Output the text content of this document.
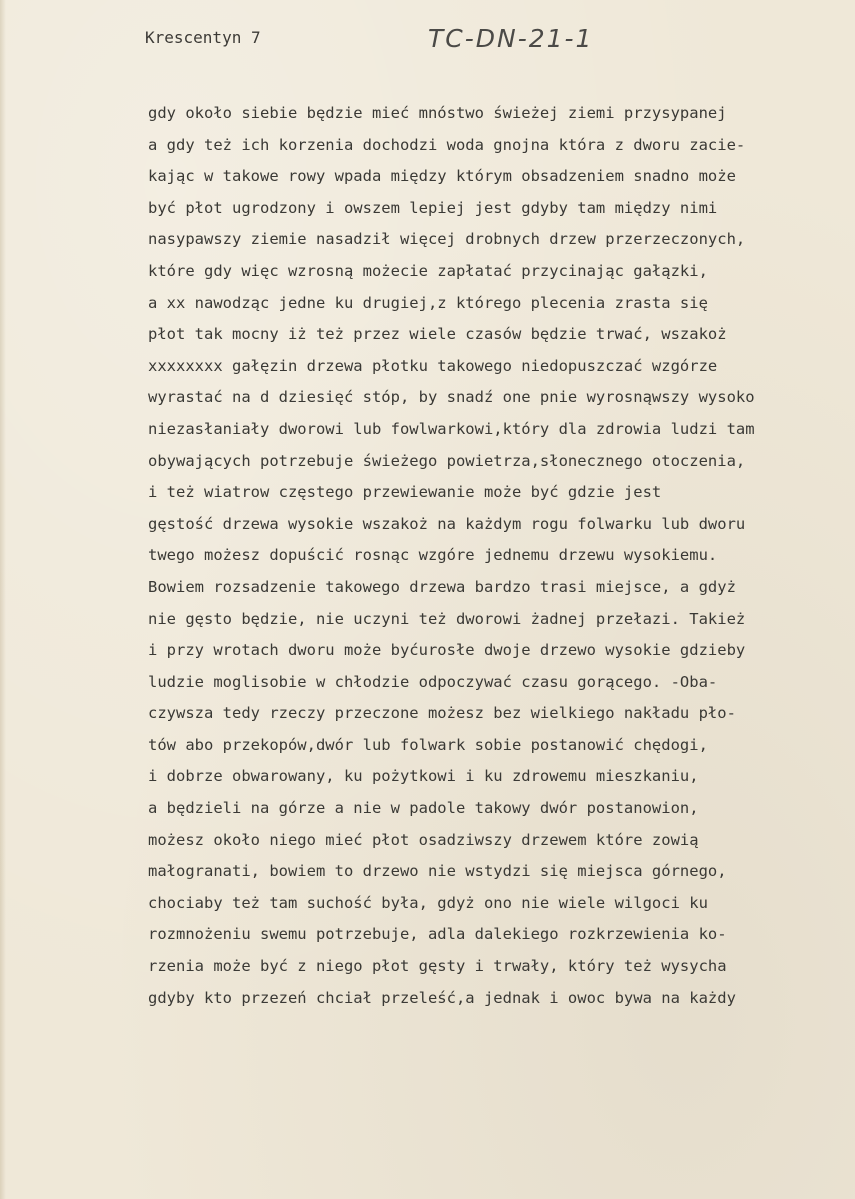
Krescentyn 7	TC-DN-21-1
gdy około siebie będzie mieć mnóstwo świeżej ziemi przysypanej
a gdy też ich korzenia dochodzi woda gnojna która z dworu zacie-
kając w takowe rowy wpada między którym obsadzeniem snadno może
być płot ugrodzony i owszem lepiej jest gdyby tam między nimi
nasypawszy ziemie nasadził więcej drobnych drzew przerzeczonych,
które gdy więc wzrosną możecie zapłatać przycinając gałązki,
a xx nawodząc jedne ku drugiej,z którego plecenia zrasta się
płot tak mocny iż też przez wiele czasów będzie trwać, wszakoż
xxxxxxxx gałęzin drzewa płotku takowego niedopuszczać wzgórze
wyrastać na d dziesięć stóp, by snadź one pnie wyrosnąwszy wysoko
niezasłaniały dworowi lub fowlwarkowi,który dla zdrowia ludzi tam
obywających potrzebuje świeżego powietrza,słonecznego otoczenia,
i też wiatrow częstego przewiewanie może być gdzie jest
gęstość drzewa wysokie wszakoż na każdym rogu folwarku lub dworu
twego możesz dopuścić rosnąc wzgóre jednemu drzewu wysokiemu.
Bowiem rozsadzenie takowego drzewa bardzo trasi miejsce, a gdyż
nie gęsto będzie, nie uczyni też dworowi żadnej przełazi. Takież
i przy wrotach dworu może byćurosłe dwoje drzewo wysokie gdzieby
ludzie moglisobie w chłodzie odpoczywać czasu gorącego. -Oba-
czywsza tedy rzeczy przeczone możesz bez wielkiego nakładu pło-
tów abo przekopów,dwór lub folwark sobie postanowić chędogi,
i dobrze obwarowany, ku pożytkowi i ku zdrowemu mieszkaniu,
a będzieli na górze a nie w padole takowy dwór postanowion,
możesz około niego mieć płot osadziwszy drzewem które zowią
małogranati, bowiem to drzewo nie wstydzi się miejsca górnego,
chociaby też tam suchość była, gdyż ono nie wiele wilgoci ku
rozmnożeniu swemu potrzebuje, adla dalekiego rozkrzewienia ko-
rzenia może być z niego płot gęsty i trwały, który też wysycha
gdyby kto przezeń chciał przeleść,a jednak i owoc bywa na każdy
